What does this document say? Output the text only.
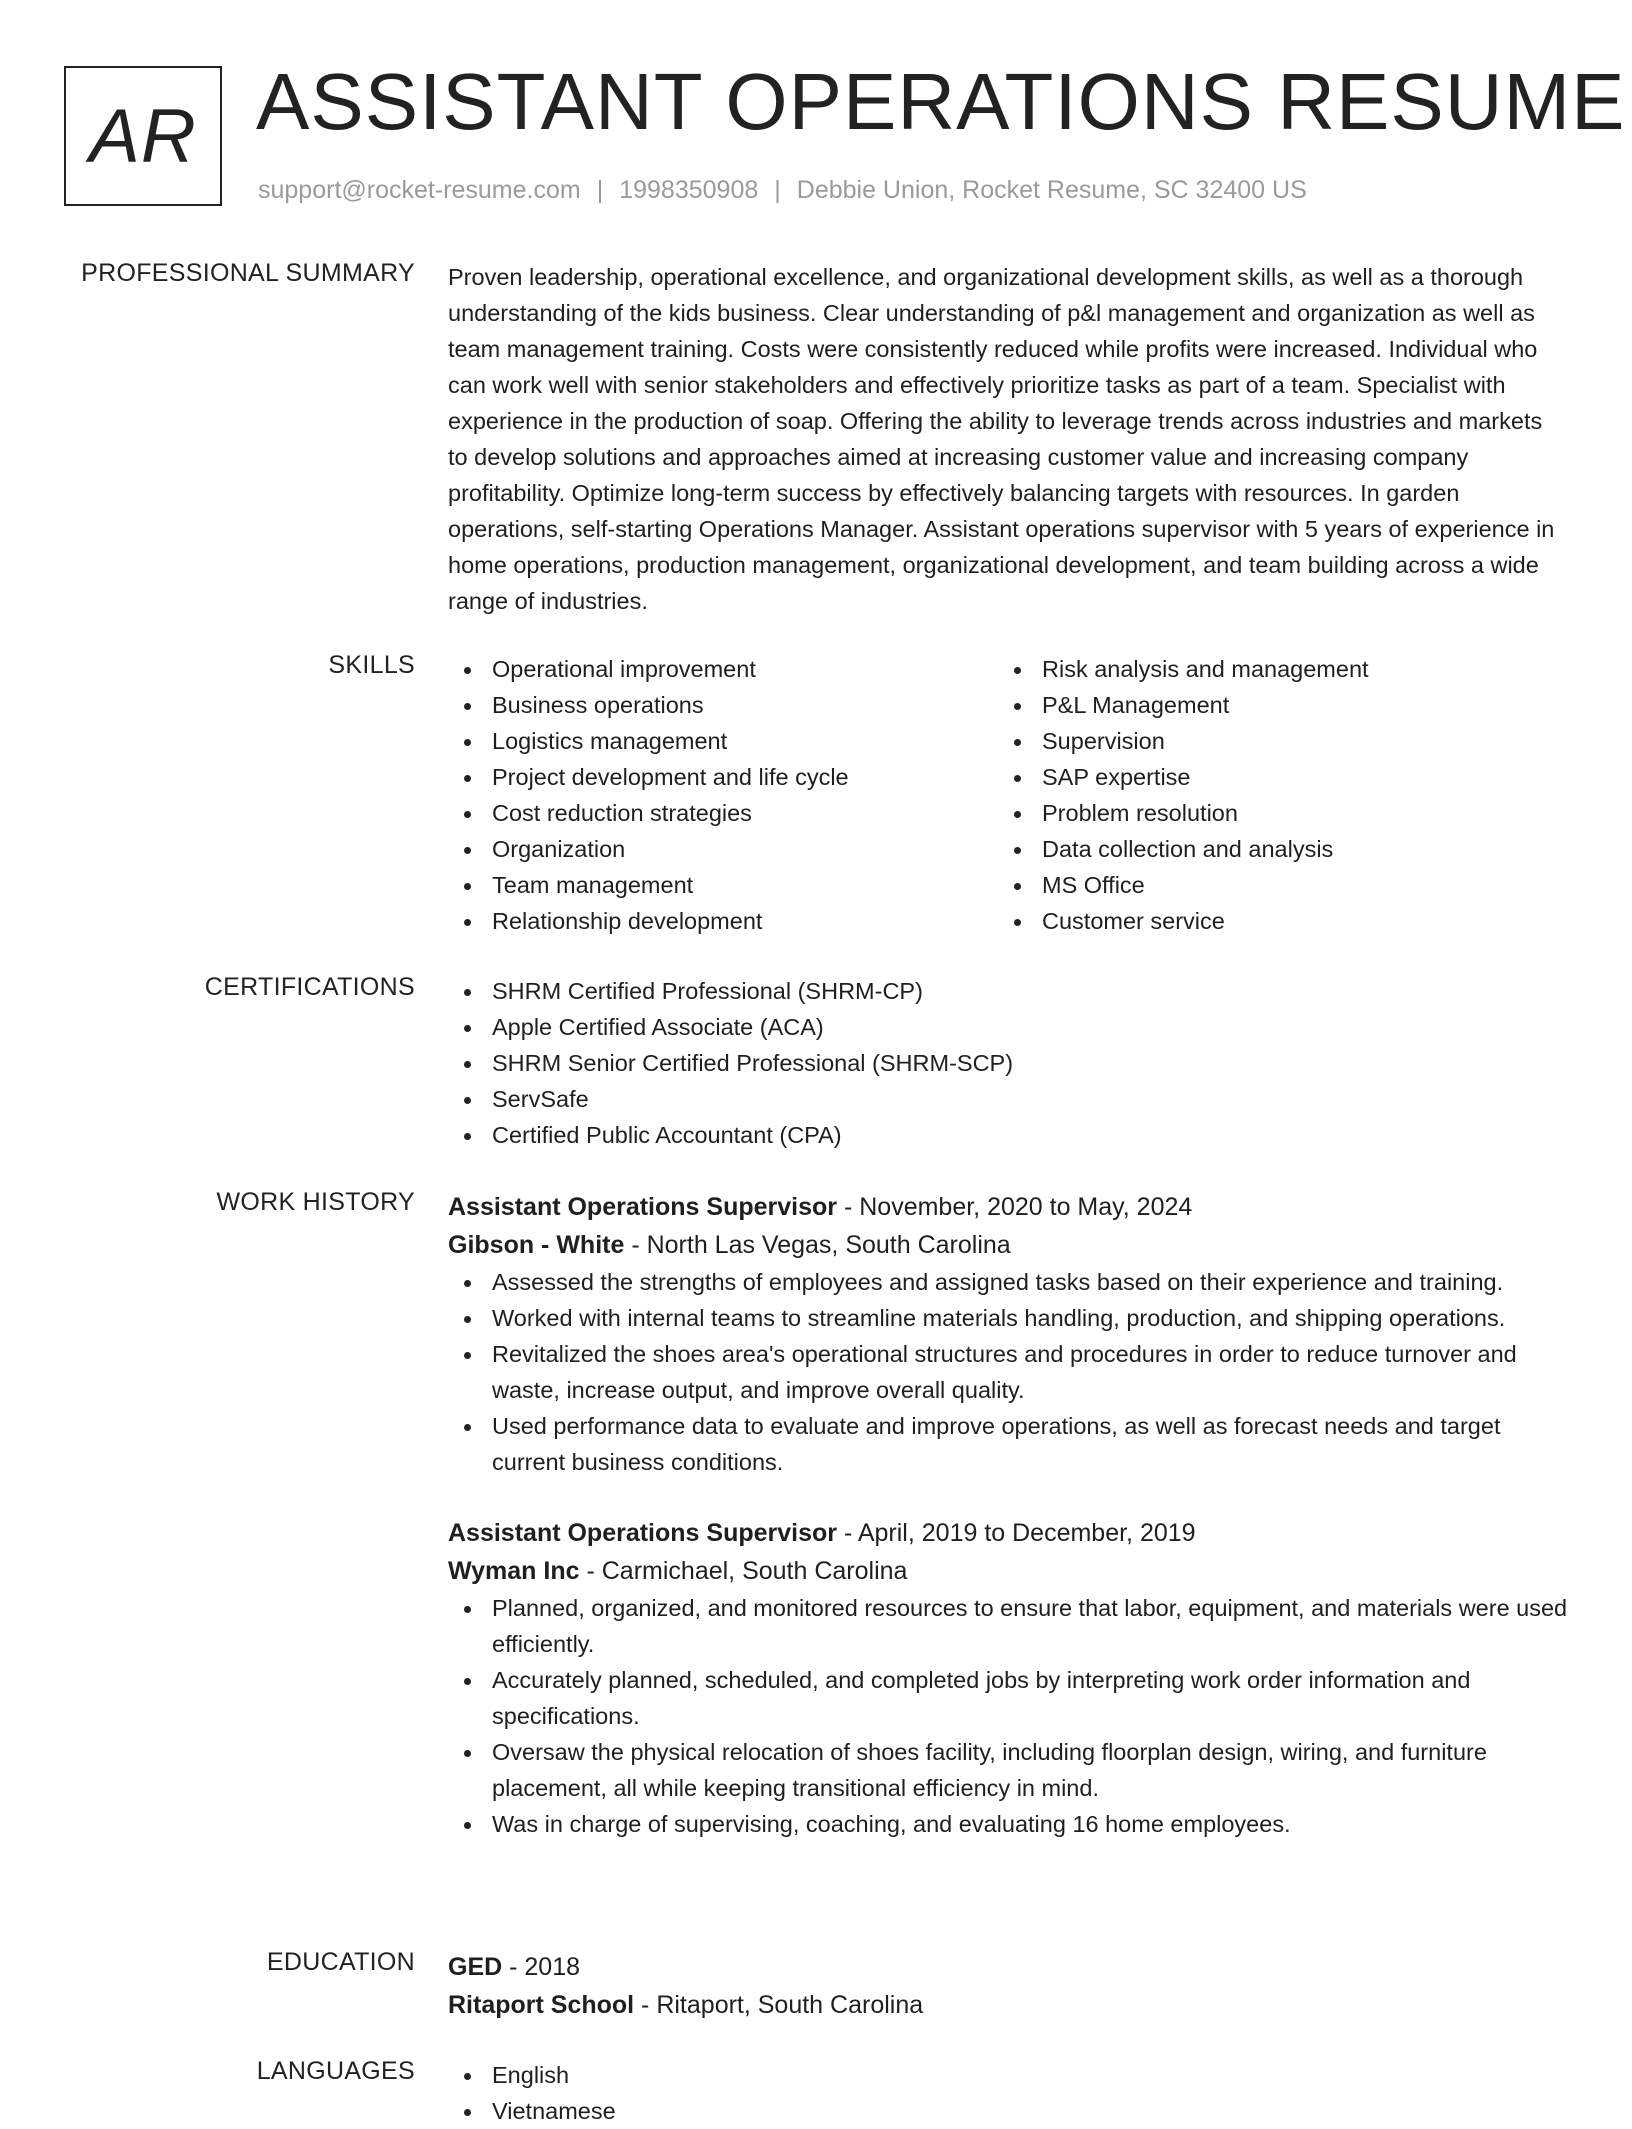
AR ASSISTANT OPERATIONS RESUME
support@rocket-resume.com | 1998350908 | Debbie Union, Rocket Resume, SC 32400 US
PROFESSIONAL SUMMARY Proven leadership, operational excellence, and organizational development skills, as well as a thorough understanding of the kids business. Clear understanding of p&l management and organization as well as team management training. Costs were consistently reduced while profits were increased. Individual who can work well with senior stakeholders and effectively prioritize tasks as part of a team. Specialist with experience in the production of soap. Offering the ability to leverage trends across industries and markets to develop solutions and approaches aimed at increasing customer value and increasing company profitability. Optimize long-term success by effectively balancing targets with resources. In garden operations, self-starting Operations Manager. Assistant operations supervisor with 5 years of experience in home operations, production management, organizational development, and team building across a wide range of industries.

SKILLS	Operational improvement
Business operations
Logistics management
Project development and life cycle
Cost reduction strategies
Organization
Team management
Relationship development
Risk analysis and management
P&L Management
Supervision
SAP expertise
Problem resolution
Data collection and analysis
MS Office
Customer service
CERTIFICATIONS	SHRM Certified Professional (SHRM-CP)
Apple Certified Associate (ACA)
SHRM Senior Certified Professional (SHRM-SCP)
ServSafe
Certified Public Accountant (CPA)
WORK HISTORY Assistant Operations Supervisor - November, 2020 to May, 2024
Gibson - White - North Las Vegas, South Carolina
Assessed the strengths of employees and assigned tasks based on their experience and training.
Worked with internal teams to streamline materials handling, production, and shipping operations.
Revitalized the shoes area's operational structures and procedures in order to reduce turnover and waste, increase output, and improve overall quality.
Used performance data to evaluate and improve operations, as well as forecast needs and target current business conditions.
Assistant Operations Supervisor - April, 2019 to December, 2019
Wyman Inc - Carmichael, South Carolina
Planned, organized, and monitored resources to ensure that labor, equipment, and materials were used efficiently.
Accurately planned, scheduled, and completed jobs by interpreting work order information and specifications.
Oversaw the physical relocation of shoes facility, including floorplan design, wiring, and furniture placement, all while keeping transitional efficiency in mind.
Was in charge of supervising, coaching, and evaluating 16 home employees.
EDUCATION GED - 2018
Ritaport School - Ritaport, South Carolina
LANGUAGES	English
Vietnamese
